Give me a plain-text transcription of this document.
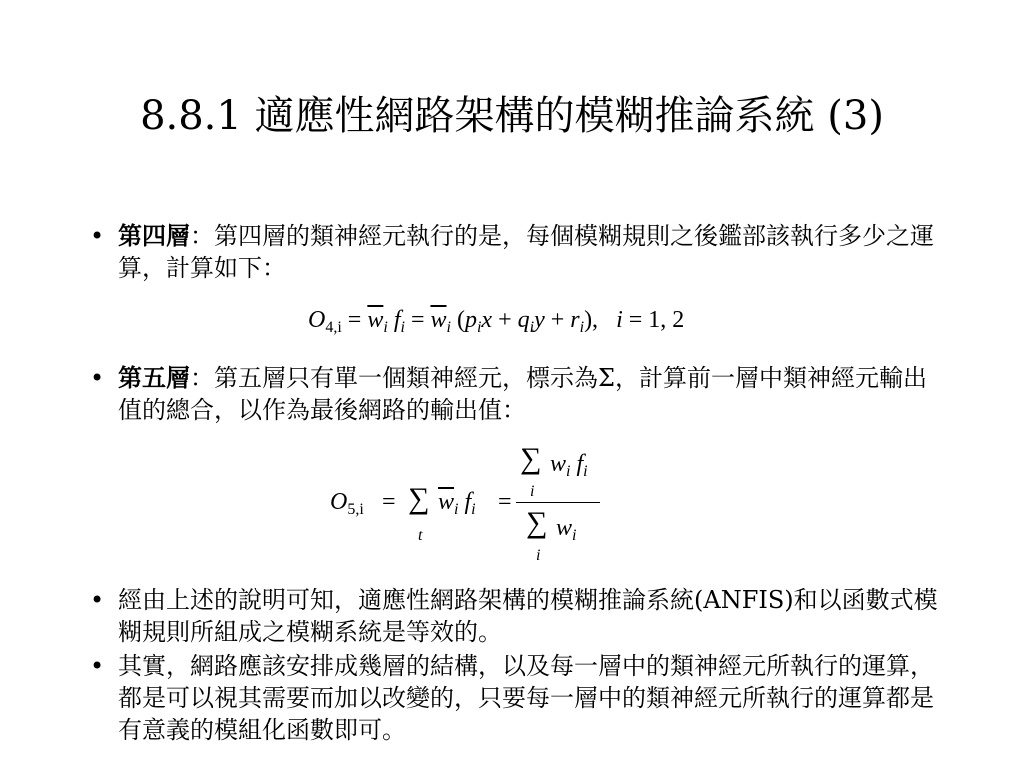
8.8.1 適應性網路架構的模糊推論系統 (3)
• 第四層：第四層的類神經元執行的是，每個模糊規則之後鑑部該執行多少之運算，計算如下：
$O_{4,i} = \overline{w}_i$ $f_i = \overline{w}_i$ $(p_ix + q_iy + r_i)$, i = 1, 2
• 第五層：第五層只有單一個類神經元，標示為Σ，計算前一層中類神經元輸出值的總合，以作為最後網路的輸出值：
$O_{5,i}$ = ∑
t
$\overline{w}_i$ $f_i$ =
∑ $w_i$ $f_i$
i
∑ $w_i$
i
• 經由上述的說明可知，適應性網路架構的模糊推論系統(ANFIS)和以函數式模糊規則所組成之模糊系統是等效的。
• 其實，網路應該安排成幾層的結構，以及每一層中的類神經元所執行的運算，都是可以視其需要而加以改變的，只要每一層中的類神經元所執行的運算都是有意義的模組化函數即可。
